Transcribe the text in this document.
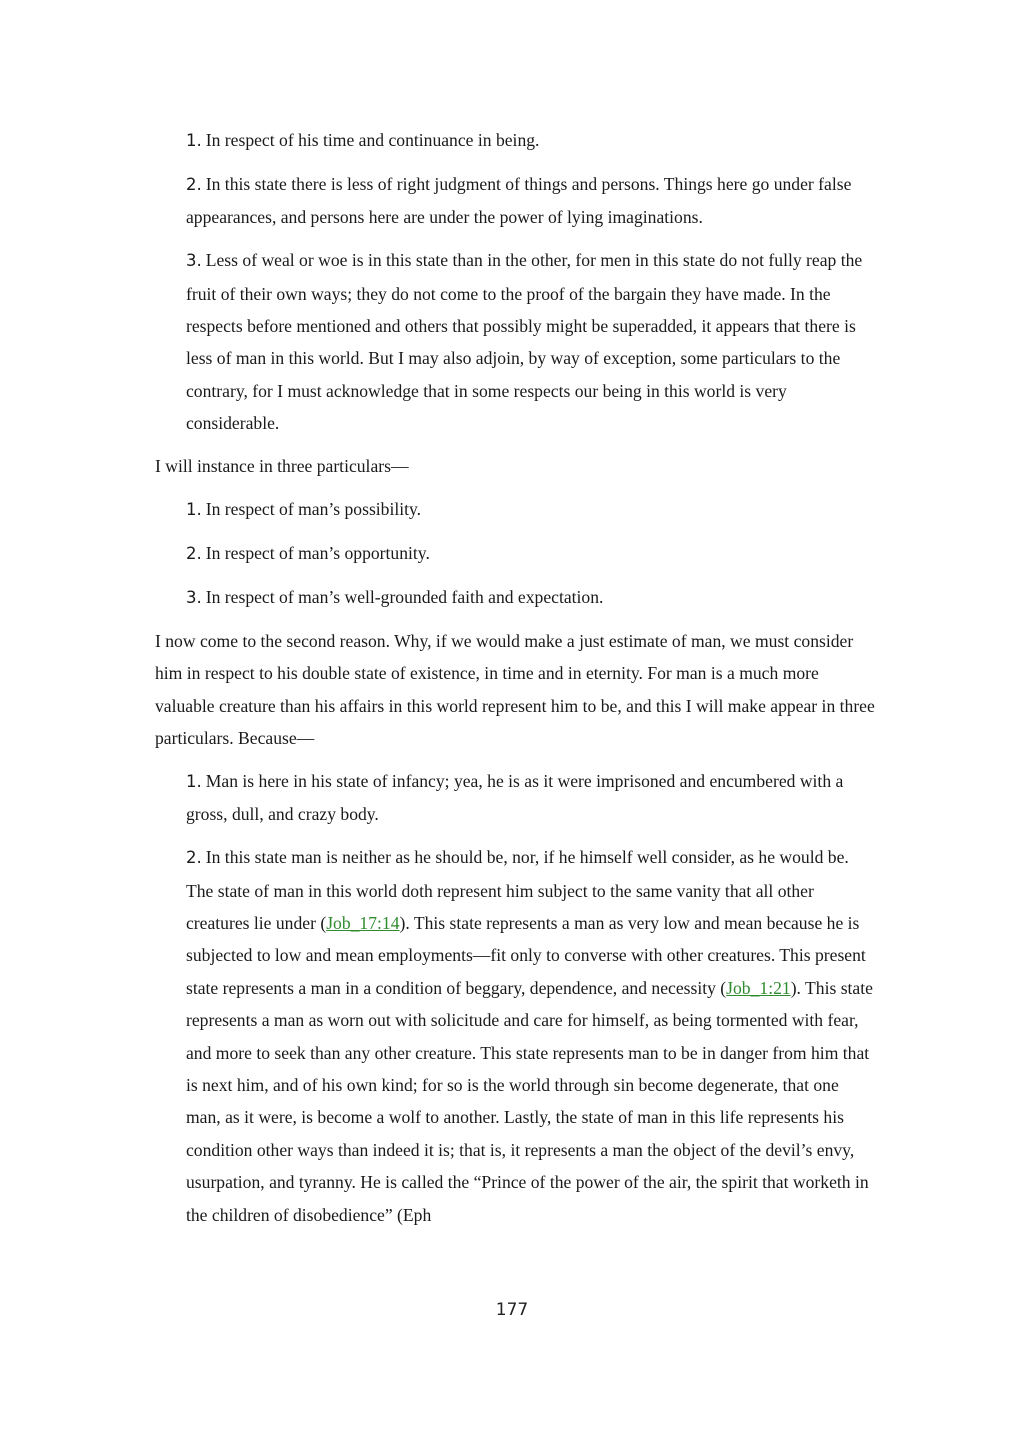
1. In respect of his time and continuance in being.

2. In this state there is less of right judgment of things and persons. Things here go under false appearances, and persons here are under the power of lying imaginations.

3. Less of weal or woe is in this state than in the other, for men in this state do not fully reap the fruit of their own ways; they do not come to the proof of the bargain they have made. In the respects before mentioned and others that possibly might be superadded, it appears that there is less of man in this world. But I may also adjoin, by way of exception, some particulars to the contrary, for I must acknowledge that in some respects our being in this world is very considerable.

I will instance in three particulars—

1. In respect of man’s possibility.

2. In respect of man’s opportunity.

3. In respect of man’s well-grounded faith and expectation.

I now come to the second reason. Why, if we would make a just estimate of man, we must consider him in respect to his double state of existence, in time and in eternity. For man is a much more valuable creature than his affairs in this world represent him to be, and this I will make appear in three particulars. Because—

1. Man is here in his state of infancy; yea, he is as it were imprisoned and encumbered with a gross, dull, and crazy body.

2. In this state man is neither as he should be, nor, if he himself well consider, as he would be. The state of man in this world doth represent him subject to the same vanity that all other creatures lie under (Job_17:14). This state represents a man as very low and mean because he is subjected to low and mean employments—fit only to converse with other creatures. This present state represents a man in a condition of beggary, dependence, and necessity (Job_1:21). This state represents a man as worn out with solicitude and care for himself, as being tormented with fear, and more to seek than any other creature. This state represents man to be in danger from him that is next him, and of his own kind; for so is the world through sin become degenerate, that one man, as it were, is become a wolf to another. Lastly, the state of man in this life represents his condition other ways than indeed it is; that is, it represents a man the object of the devil’s envy, usurpation, and tyranny. He is called the “Prince of the power of the air, the spirit that worketh in the children of disobedience” (Eph

177
